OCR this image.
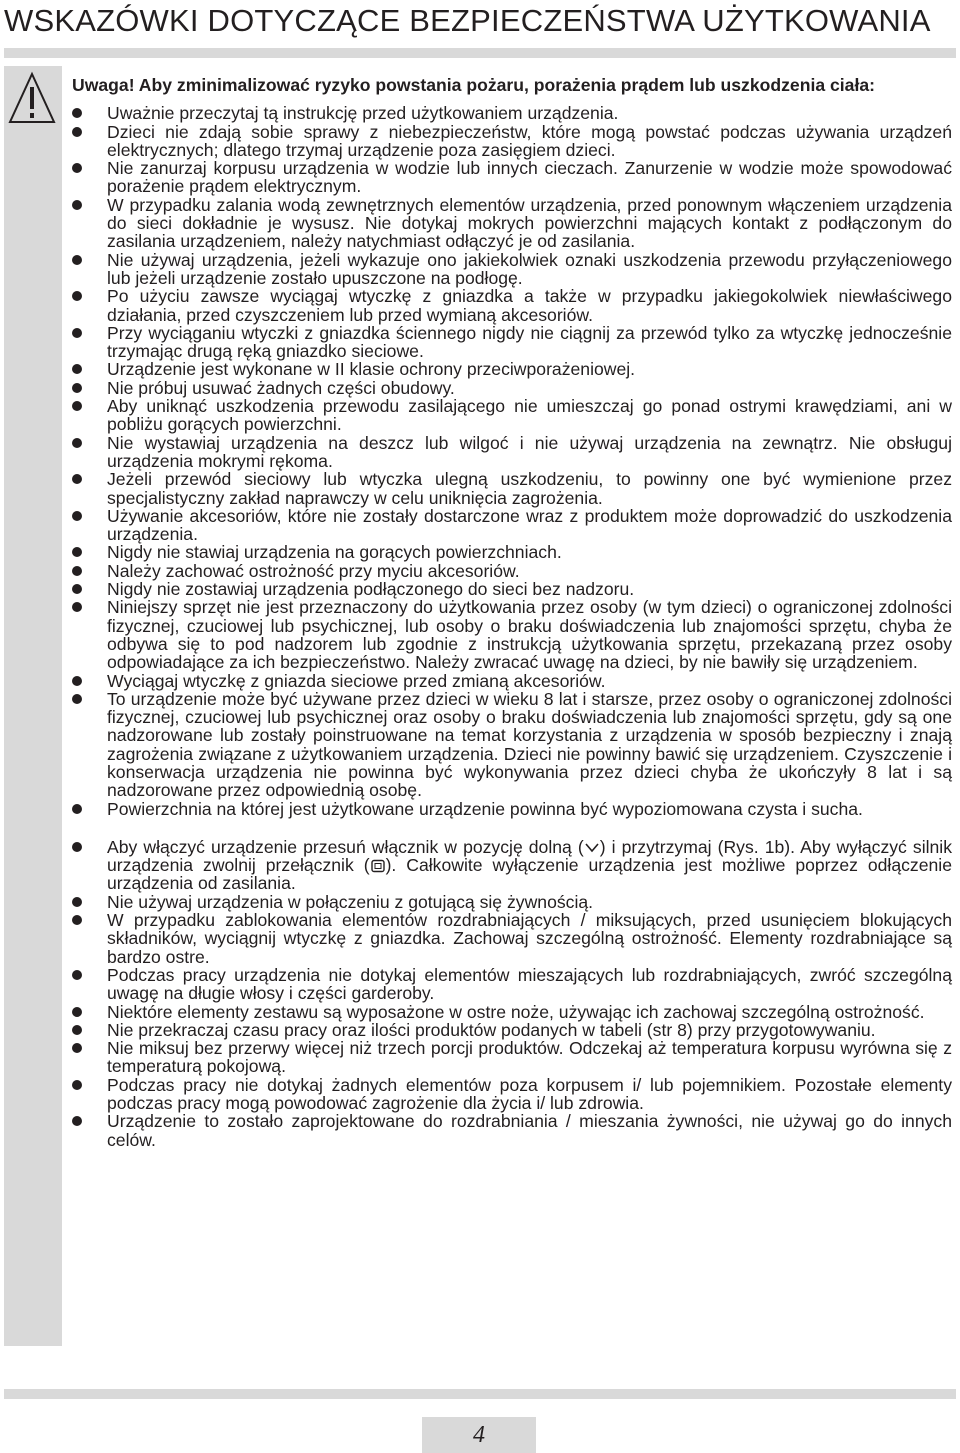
WSKAZÓWKI DOTYCZĄCE BEZPIECZEŃSTWA UŻYTKOWANIA

Uwaga! Aby zminimalizować ryzyko powstania pożaru, porażenia prądem lub uszkodzenia ciała:

Uważnie przeczytaj tą instrukcję przed użytkowaniem urządzenia.
Dzieci nie zdają sobie sprawy z niebezpieczeństw, które mogą powstać podczas używania urządzeń elektrycznych; dlatego trzymaj urządzenie poza zasięgiem dzieci.
Nie zanurzaj korpusu urządzenia w wodzie lub innych cieczach. Zanurzenie w wodzie może spowodować porażenie prądem elektrycznym.
W przypadku zalania wodą zewnętrznych elementów urządzenia, przed ponownym włączeniem urządzenia do sieci dokładnie je wysusz. Nie dotykaj mokrych powierzchni mających kontakt z podłączonym do zasilania urządzeniem, należy natychmiast odłączyć je od zasilania.
Nie używaj urządzenia, jeżeli wykazuje ono jakiekolwiek oznaki uszkodzenia przewodu przyłączeniowego lub jeżeli urządzenie zostało upuszczone na podłogę.
Po użyciu zawsze wyciągaj wtyczkę z gniazdka a także w przypadku jakiegokolwiek niewłaściwego działania, przed czyszczeniem lub przed wymianą akcesoriów.
Przy wyciąganiu wtyczki z gniazdka ściennego nigdy nie ciągnij za przewód tylko za wtyczkę jednocześnie trzymając drugą ręką gniazdko sieciowe.
Urządzenie jest wykonane w II klasie ochrony przeciwporażeniowej.
Nie próbuj usuwać żadnych części obudowy.
Aby uniknąć uszkodzenia przewodu zasilającego nie umieszczaj go ponad ostrymi krawędziami, ani w pobliżu gorących powierzchni.
Nie wystawiaj urządzenia na deszcz lub wilgoć i nie używaj urządzenia na zewnątrz. Nie obsługuj urządzenia mokrymi rękoma.
Jeżeli przewód sieciowy lub wtyczka ulegną uszkodzeniu, to powinny one być wymienione przez specjalistyczny zakład naprawczy w celu uniknięcia zagrożenia.
Używanie akcesoriów, które nie zostały dostarczone wraz z produktem może doprowadzić do uszkodzenia urządzenia.
Nigdy nie stawiaj urządzenia na gorących powierzchniach.
Należy zachować ostrożność przy myciu akcesoriów.
Nigdy nie zostawiaj urządzenia podłączonego do sieci bez nadzoru.
Niniejszy sprzęt nie jest przeznaczony do użytkowania przez osoby (w tym dzieci) o ograniczonej zdolności fizycznej, czuciowej lub psychicznej, lub osoby o braku doświadczenia lub znajomości sprzętu, chyba że odbywa się to pod nadzorem lub zgodnie z instrukcją użytkowania sprzętu, przekazaną przez osoby odpowiadające za ich bezpieczeństwo. Należy zwracać uwagę na dzieci, by nie bawiły się urządzeniem.
Wyciągaj wtyczkę z gniazda sieciowe przed zmianą akcesoriów.
To urządzenie może być używane przez dzieci w wieku 8 lat i starsze, przez osoby o ograniczonej zdolności fizycznej, czuciowej lub psychicznej oraz osoby o braku doświadczenia lub znajomości sprzętu, gdy są one nadzorowane lub zostały poinstruowane na temat korzystania z urządzenia w sposób bezpieczny i znają zagrożenia związane z użytkowaniem urządzenia. Dzieci nie powinny bawić się urządzeniem. Czyszczenie i konserwacja urządzenia nie powinna być wykonywania przez dzieci chyba że ukończyły 8 lat i są nadzorowane przez odpowiednią osobę.
Powierzchnia na której jest użytkowane urządzenie powinna być wypoziomowana czysta i sucha.
Aby włączyć urządzenie przesuń włącznik w pozycję dolną ( ) i przytrzymaj (Rys. 1b). Aby wyłączyć silnik urządzenia zwolnij przełącznik ( ). Całkowite wyłączenie urządzenia jest możliwe poprzez odłączenie urządzenia od zasilania.
Nie używaj urządzenia w połączeniu z gotującą się żywnością.
W przypadku zablokowania elementów rozdrabniających / miksujących, przed usunięciem blokujących składników, wyciągnij wtyczkę z gniazdka. Zachowaj szczególną ostrożność. Elementy rozdrabniające są bardzo ostre.
Podczas pracy urządzenia nie dotykaj elementów mieszających lub rozdrabniających, zwróć szczególną uwagę na długie włosy i części garderoby.
Niektóre elementy zestawu są wyposażone w ostre noże, używając ich zachowaj szczególną ostrożność.
Nie przekraczaj czasu pracy oraz ilości produktów podanych w tabeli (str 8) przy przygotowywaniu.
Nie miksuj bez przerwy więcej niż trzech porcji produktów. Odczekaj aż temperatura korpusu wyrówna się z temperaturą pokojową.
Podczas pracy nie dotykaj żadnych elementów poza korpusem i/ lub pojemnikiem. Pozostałe elementy podczas pracy mogą powodować zagrożenie dla życia i/ lub zdrowia.
Urządzenie to zostało zaprojektowane do rozdrabniania / mieszania żywności, nie używaj go do innych celów.
4
